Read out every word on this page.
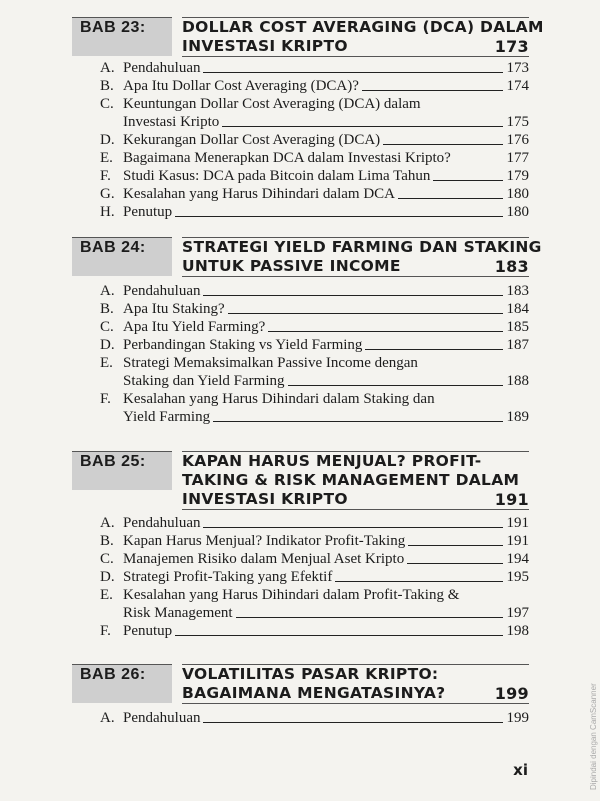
BAB 23: DOLLAR COST AVERAGING (DCA) DALAM
INVESTASI KRIPTO	173
A. Pendahuluan	173
B. Apa Itu Dollar Cost Averaging (DCA)?	174
C. Keuntungan Dollar Cost Averaging (DCA) dalam
Investasi Kripto	175
D. Kekurangan Dollar Cost Averaging (DCA)	176
E. Bagaimana Menerapkan DCA dalam Investasi Kripto?	177
F. Studi Kasus: DCA pada Bitcoin dalam Lima Tahun	179
G. Kesalahan yang Harus Dihindari dalam DCA	180
H. Penutup	180
BAB 24: STRATEGI YIELD FARMING DAN STAKING
UNTUK PASSIVE INCOME	183
A. Pendahuluan	183
B. Apa Itu Staking?	184
C. Apa Itu Yield Farming?	185
D. Perbandingan Staking vs Yield Farming	187
E. Strategi Memaksimalkan Passive Income dengan
Staking dan Yield Farming	188
F. Kesalahan yang Harus Dihindari dalam Staking dan
Yield Farming	189
BAB 25: KAPAN HARUS MENJUAL? PROFIT-
TAKING & RISK MANAGEMENT DALAM
INVESTASI KRIPTO	191
A. Pendahuluan	191
B. Kapan Harus Menjual? Indikator Profit-Taking	191
C. Manajemen Risiko dalam Menjual Aset Kripto	194
D. Strategi Profit-Taking yang Efektif	195
E. Kesalahan yang Harus Dihindari dalam Profit-Taking &
Risk Management	197
F. Penutup	198
BAB 26: VOLATILITAS PASAR KRIPTO:
BAGAIMANA MENGATASINYA?	199
A. Pendahuluan	199
xi	Dipindai dengan CamScanner
